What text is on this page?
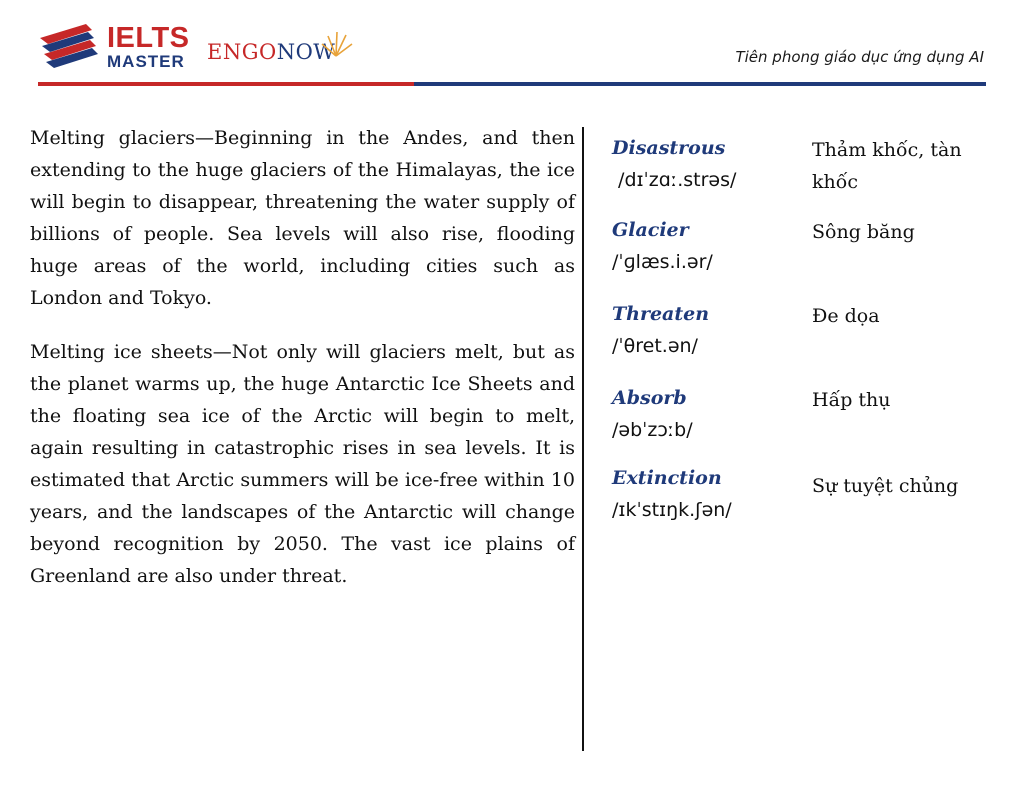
IELTS
MASTER ENGONOW	Tiên phong giáo dục ứng dụng AI

Melting glaciers—Beginning in the Andes, and then extending to the huge glaciers of the Himalayas, the ice will begin to disappear, threatening the water supply of billions of people. Sea levels will also rise, flooding huge areas of the world, including cities such as London and Tokyo.

Melting ice sheets—Not only will glaciers melt, but as the planet warms up, the huge Antarctic Ice Sheets and the floating sea ice of the Arctic will begin to melt, again resulting in catastrophic rises in sea levels. It is estimated that Arctic summers will be ice-free within 10 years, and the landscapes of the Antarctic will change beyond recognition by 2050. The vast ice plains of Greenland are also under threat.

Disastrous
/dɪˈzɑː.strəs/
Thảm khốc, tàn khốc
Glacier
/ˈɡlæs.i.ər/
Sông băng
Threaten
/ˈθret.ən/
Đe dọa
Absorb
/əbˈzɔːb/
Hấp thụ
Extinction
/ɪkˈstɪŋk.ʃən/
Sự tuyệt chủng
